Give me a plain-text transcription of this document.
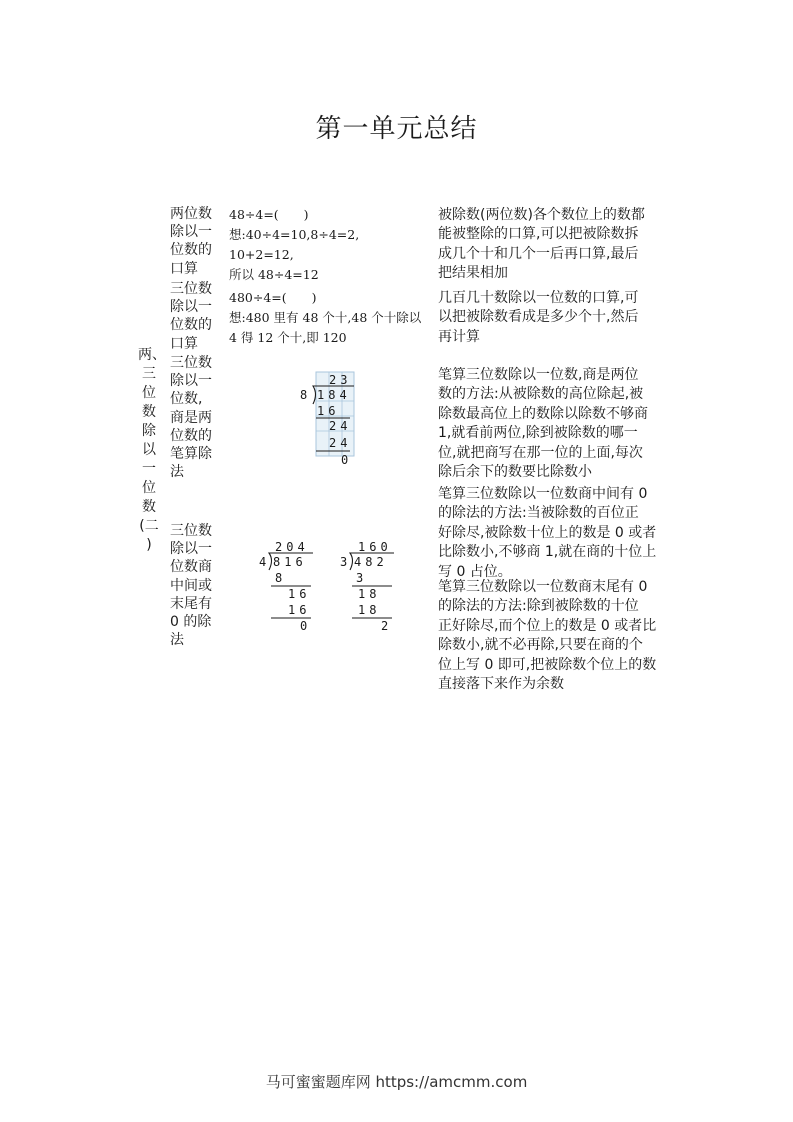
第一单元总结
两、
三
位
数
除
以
一
位
数
(二
)
两位数
除以一
位数的
口算
48÷4=(　　)
想:40÷4=10,8÷4=2,
10+2=12,
所以 48÷4=12
被除数(两位数)各个数位上的数都
能被整除的口算,可以把被除数拆
成几个十和几个一后再口算,最后
把结果相加
三位数
除以一
位数的
口算
480÷4=(　　)
想:480 里有 48 个十,48 个十除以
4 得 12 个十,即 120
几百几十数除以一位数的口算,可
以把被除数看成是多少个十,然后
再计算
三位数
除以一
位数,
商是两
位数的
笔算除
法
23
8 184
16
24
24
0
笔算三位数除以一位数,商是两位
数的方法:从被除数的高位除起,被
除数最高位上的数除以除数不够商
1,就看前两位,除到被除数的哪一
位,就把商写在那一位的上面,每次
除后余下的数要比除数小
三位数
除以一
位数商
中间或
末尾有
0 的除
法
204
4 816
8
16
16
0
160
3 482
3
18
18
2
笔算三位数除以一位数商中间有 0
的除法的方法:当被除数的百位正
好除尽,被除数十位上的数是 0 或者
比除数小,不够商 1,就在商的十位上
写 0 占位。
笔算三位数除以一位数商末尾有 0
的除法的方法:除到被除数的十位
正好除尽,而个位上的数是 0 或者比
除数小,就不必再除,只要在商的个
位上写 0 即可,把被除数个位上的数
直接落下来作为余数
马可蜜蜜题库网 https://amcmm.com
